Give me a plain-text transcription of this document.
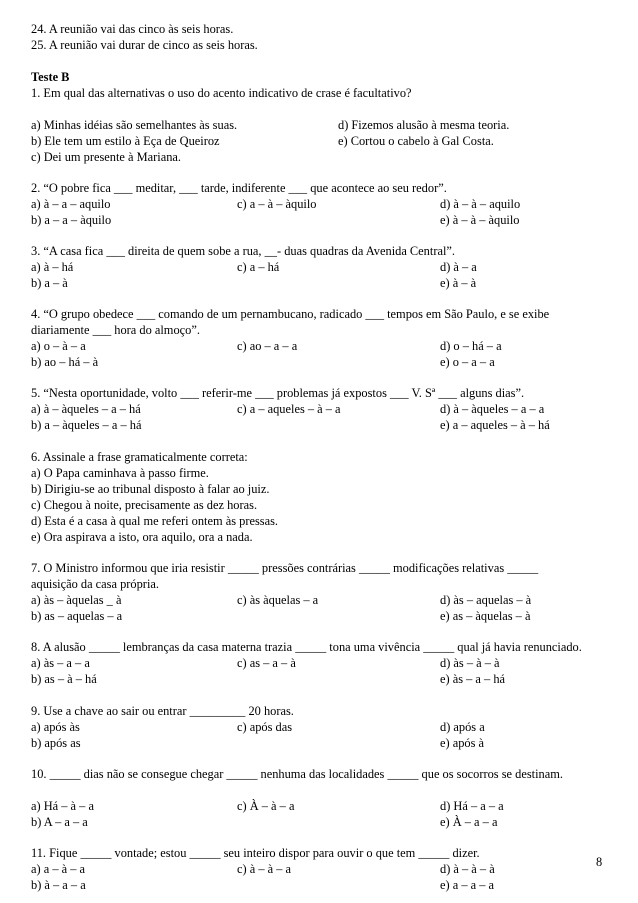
24. A reunião vai das cinco às seis horas.
25. A reunião vai durar de cinco as seis horas.
Teste B
1. Em qual das alternativas o uso do acento indicativo de crase é facultativo?
a) Minhas idéias são semelhantes às suas.	d) Fizemos alusão à mesma teoria.
b) Ele tem um estilo à Eça de Queiroz	e) Cortou o cabelo à Gal Costa.
c) Dei um presente à Mariana.
2. “O pobre fica ___ meditar, ___ tarde, indiferente ___ que acontece ao seu redor”.
a) à – a – aquilo	c) a – à – àquilo	d) à – à – aquilo
b) a – a – àquilo	e) à – à – àquilo
3. “A casa fica ___ direita de quem sobe a rua, __- duas quadras da Avenida Central”.
a) à – há	c) a – há	d) à – a
b) a – à	e) à – à
4. “O grupo obedece ___ comando de um pernambucano, radicado ___ tempos em São Paulo, e se exibe
diariamente ___ hora do almoço”.
a) o – à – a	c) ao – a – a	d) o – há – a
b) ao – há – à	e) o – a – a
5. “Nesta oportunidade, volto ___ referir-me ___ problemas já expostos ___ V. Sª ___ alguns dias”.
a) à – àqueles – a – há	c) a – aqueles – à – a	d) à – àqueles – a – a
b) a – àqueles – a – há	e) a – aqueles – à – há
6. Assinale a frase gramaticalmente correta:
a) O Papa caminhava à passo firme.
b) Dirigiu-se ao tribunal disposto à falar ao juiz.
c) Chegou à noite, precisamente as dez horas.
d) Esta é a casa à qual me referi ontem às pressas.
e) Ora aspirava a isto, ora aquilo, ora a nada.
7. O Ministro informou que iria resistir _____ pressões contrárias _____ modificações relativas _____
aquisição da casa própria.
a) às – àquelas _ à	c) às àquelas – a	d) às – aquelas – à
b) as – aquelas – a	e) as – àquelas – à
8. A alusão _____ lembranças da casa materna trazia _____ tona uma vivência _____ qual já havia renunciado.
a) às – a – a	c) as – a – à	d) às – à – à
b) as – à – há	e) às – a – há
9. Use a chave ao sair ou entrar _________ 20 horas.
a) após às	c) após das	d) após a
b) após as	e) após à
10. _____ dias não se consegue chegar _____ nenhuma das localidades _____ que os socorros se destinam.
a) Há – à – a	c) À – à – a	d) Há – a – a
b) A – a – a	e) À – a – a
11. Fique _____ vontade; estou _____ seu inteiro dispor para ouvir o que tem _____ dizer.
a) a – à – a	c) à – à – a	d) à – à – à
b) à – a – a	e) a – a – a
8
